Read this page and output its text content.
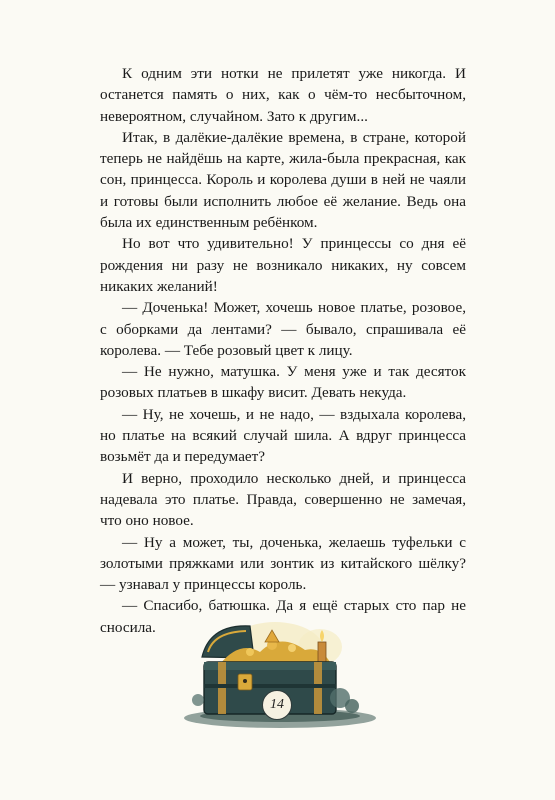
К одним эти нотки не прилетят уже никогда. И останется память о них, как о чём-то несбыточном, невероятном, случайном. Зато к другим...

Итак, в далёкие-далёкие времена, в стране, которой теперь не найдёшь на карте, жила-была прекрасная, как сон, принцесса. Король и королева души в ней не чаяли и готовы были исполнить любое её желание. Ведь она была их единственным ребёнком.

Но вот что удивительно! У принцессы со дня её рождения ни разу не возникало никаких, ну совсем никаких желаний!

— Доченька! Может, хочешь новое платье, розовое, с оборками да лентами? — бывало, спрашивала её королева. — Тебе розовый цвет к лицу.

— Не нужно, матушка. У меня уже и так десяток розовых платьев в шкафу висит. Девать некуда.

— Ну, не хочешь, и не надо, — вздыхала королева, но платье на всякий случай шила. А вдруг принцесса возьмёт да и передумает?

И верно, проходило несколько дней, и принцесса надевала это платье. Правда, совершенно не замечая, что оно новое.

— Ну а может, ты, доченька, желаешь туфельки с золотыми пряжками или зонтик из китайского шёлку? — узнавал у принцессы король.

— Спасибо, батюшка. Да я ещё старых сто пар не сносила.

14
